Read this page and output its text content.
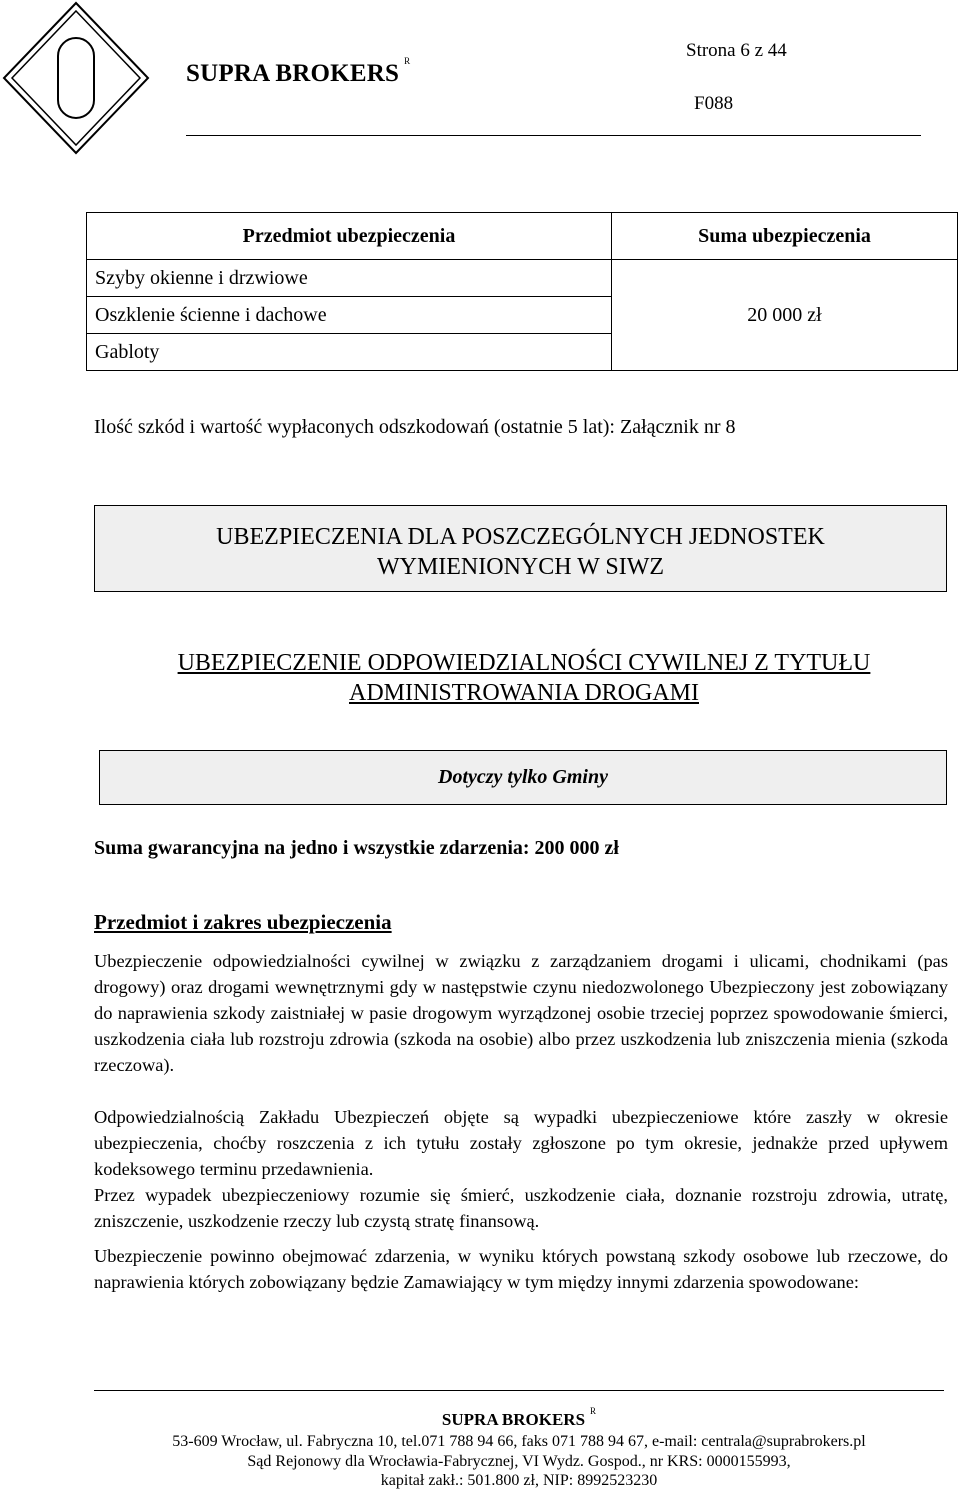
SUPRA BROKERS $^R$	Strona 6 z 44
F088
Przedmiot ubezpieczenia	Suma ubezpieczenia
Szyby okienne i drzwiowe	20 000 zł
Oszklenie ścienne i dachowe	
Gabloty	
Ilość szkód i wartość wypłaconych odszkodowań (ostatnie 5 lat): Załącznik nr 8
UBEZPIECZENIA DLA POSZCZEGÓLNYCH JEDNOSTEK
WYMIENIONYCH W SIWZ
UBEZPIECZENIE ODPOWIEDZIALNOŚCI CYWILNEJ Z TYTUŁU
ADMINISTROWANIA DROGAMI
Dotyczy tylko Gminy
Suma gwarancyjna na jedno i wszystkie zdarzenia: 200 000 zł
Przedmiot i zakres ubezpieczenia
Ubezpieczenie odpowiedzialności cywilnej w związku z zarządzaniem drogami i ulicami, chodnikami (pas drogowy) oraz drogami wewnętrznymi gdy w następstwie czynu niedozwolonego Ubezpieczony jest zobowiązany do naprawienia szkody zaistniałej w pasie drogowym wyrządzonej osobie trzeciej poprzez spowodowanie śmierci, uszkodzenia ciała lub rozstroju zdrowia (szkoda na osobie) albo przez uszkodzenia lub zniszczenia mienia (szkoda rzeczowa).
Odpowiedzialnością Zakładu Ubezpieczeń objęte są wypadki ubezpieczeniowe które zaszły w okresie ubezpieczenia, choćby roszczenia z ich tytułu zostały zgłoszone po tym okresie, jednakże przed upływem kodeksowego terminu przedawnienia.
Przez wypadek ubezpieczeniowy rozumie się śmierć, uszkodzenie ciała, doznanie rozstroju zdrowia, utratę, zniszczenie, uszkodzenie rzeczy lub czystą stratę finansową.
Ubezpieczenie powinno obejmować zdarzenia, w wyniku których powstaną szkody osobowe lub rzeczowe, do naprawienia których zobowiązany będzie Zamawiający w tym między innymi zdarzenia spowodowane:
SUPRA BROKERS $^R$
53-609 Wrocław, ul. Fabryczna 10, tel.071 788 94 66, faks 071 788 94 67, e-mail: centrala@suprabrokers.pl
Sąd Rejonowy dla Wrocławia-Fabrycznej, VI Wydz. Gospod., nr KRS: 0000155993,
kapitał zakł.: 501.800 zł, NIP: 8992523230
